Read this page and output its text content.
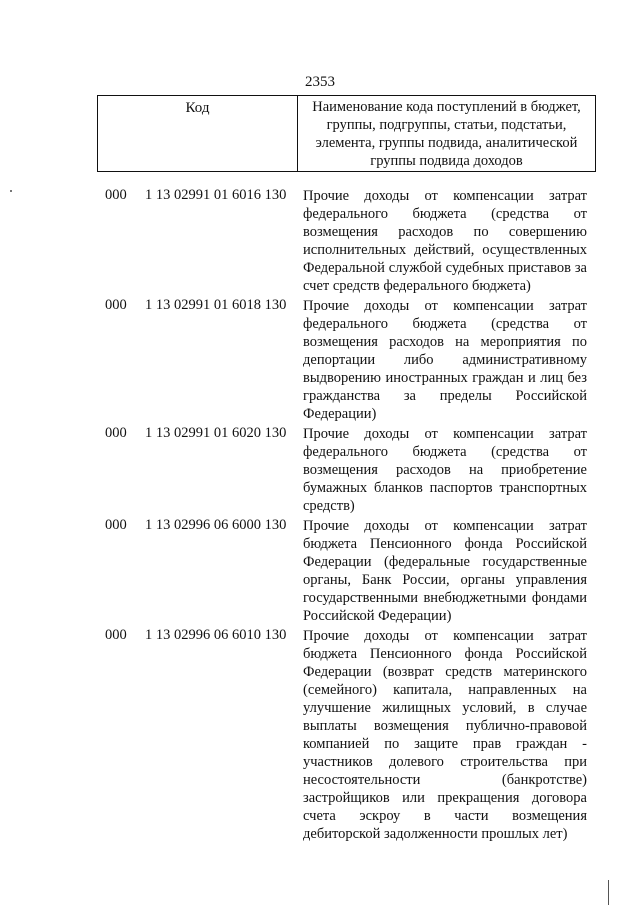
2353
Код	Наименование кода поступлений в бюджет, группы, подгруппы, статьи, подстатьи, элемента, группы подвида, аналитической группы подвида доходов
000 1 13 02991 01 6016 130 Прочие доходы от компенсации затрат федерального бюджета (средства от возмещения расходов по совершению исполнительных действий, осуществленных Федеральной службой судебных приставов за счет средств федерального бюджета)
000 1 13 02991 01 6018 130 Прочие доходы от компенсации затрат федерального бюджета (средства от возмещения расходов на мероприятия по депортации либо административному выдворению иностранных граждан и лиц без гражданства за пределы Российской Федерации)
000 1 13 02991 01 6020 130 Прочие доходы от компенсации затрат федерального бюджета (средства от возмещения расходов на приобретение бумажных бланков паспортов транспортных средств)
000 1 13 02996 06 6000 130 Прочие доходы от компенсации затрат бюджета Пенсионного фонда Российской Федерации (федеральные государственные органы, Банк России, органы управления государственными внебюджетными фондами Российской Федерации)
000 1 13 02996 06 6010 130 Прочие доходы от компенсации затрат бюджета Пенсионного фонда Российской Федерации (возврат средств материнского (семейного) капитала, направленных на улучшение жилищных условий, в случае выплаты возмещения публично-правовой компанией по защите прав граждан - участников долевого строительства при несостоятельности (банкротстве) застройщиков или прекращения договора счета эскроу в части возмещения дебиторской задолженности прошлых лет)
